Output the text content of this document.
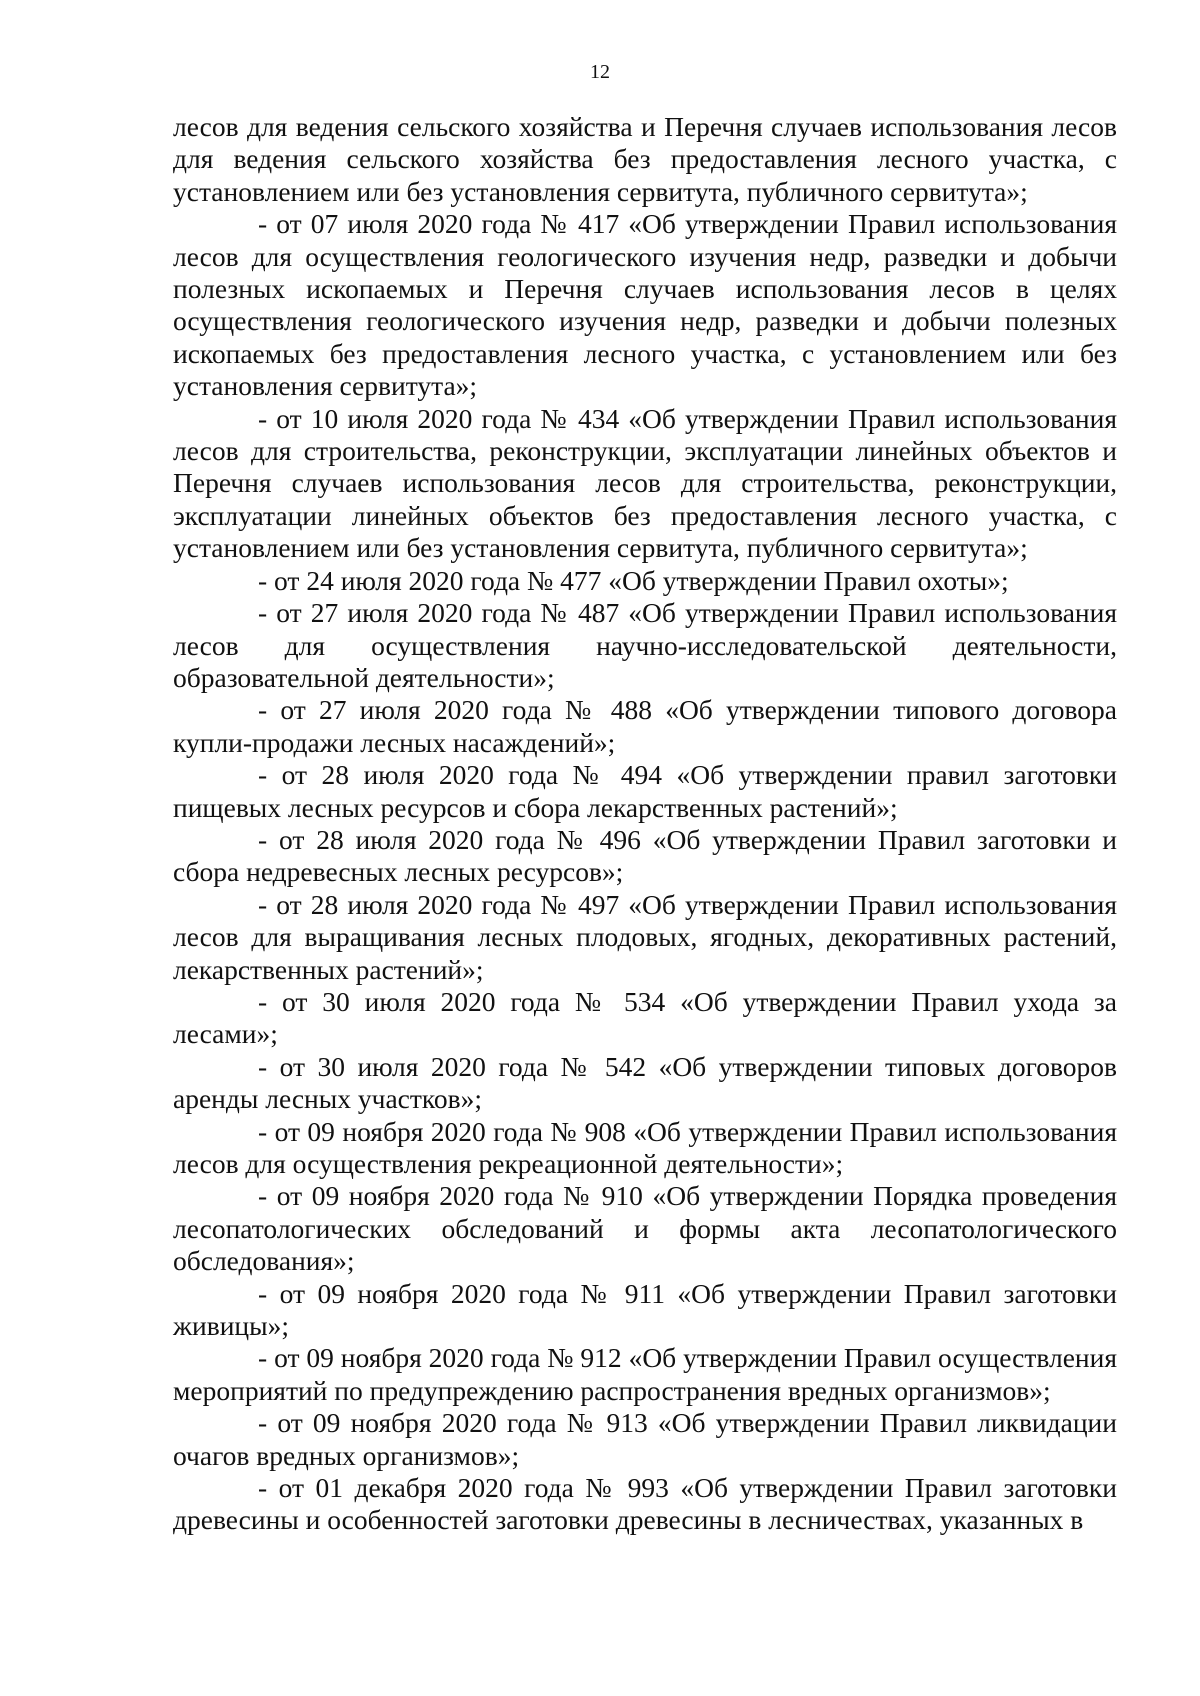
12

лесов для ведения сельского хозяйства и Перечня случаев использования лесов для ведения сельского хозяйства без предоставления лесного участка, с установлением или без установления сервитута, публичного сервитута»;

- от 07 июля 2020 года № 417 «Об утверждении Правил использования лесов для осуществления геологического изучения недр, разведки и добычи полезных ископаемых и Перечня случаев использования лесов в целях осуществления геологического изучения недр, разведки и добычи полезных ископаемых без предоставления лесного участка, с установлением или без установления сервитута»;

- от 10 июля 2020 года № 434 «Об утверждении Правил использования лесов для строительства, реконструкции, эксплуатации линейных объектов и Перечня случаев использования лесов для строительства, реконструкции, эксплуатации линейных объектов без предоставления лесного участка, с установлением или без установления сервитута, публичного сервитута»;

- от 24 июля 2020 года № 477 «Об утверждении Правил охоты»;

- от 27 июля 2020 года № 487 «Об утверждении Правил использования лесов для осуществления научно-исследовательской деятельности, образовательной деятельности»;

- от 27 июля 2020 года № 488 «Об утверждении типового договора купли-продажи лесных насаждений»;

- от 28 июля 2020 года № 494 «Об утверждении правил заготовки пищевых лесных ресурсов и сбора лекарственных растений»;

- от 28 июля 2020 года № 496 «Об утверждении Правил заготовки и сбора недревесных лесных ресурсов»;

- от 28 июля 2020 года № 497 «Об утверждении Правил использования лесов для выращивания лесных плодовых, ягодных, декоративных растений, лекарственных растений»;

- от 30 июля 2020 года № 534 «Об утверждении Правил ухода за лесами»;

- от 30 июля 2020 года № 542 «Об утверждении типовых договоров аренды лесных участков»;

- от 09 ноября 2020 года № 908 «Об утверждении Правил использования лесов для осуществления рекреационной деятельности»;

- от 09 ноября 2020 года № 910 «Об утверждении Порядка проведения лесопатологических обследований и формы акта лесопатологического обследования»;

- от 09 ноября 2020 года № 911 «Об утверждении Правил заготовки живицы»;

- от 09 ноября 2020 года № 912 «Об утверждении Правил осуществления мероприятий по предупреждению распространения вредных организмов»;

- от 09 ноября 2020 года № 913 «Об утверждении Правил ликвидации очагов вредных организмов»;

- от 01 декабря 2020 года № 993 «Об утверждении Правил заготовки древесины и особенностей заготовки древесины в лесничествах, указанных в
